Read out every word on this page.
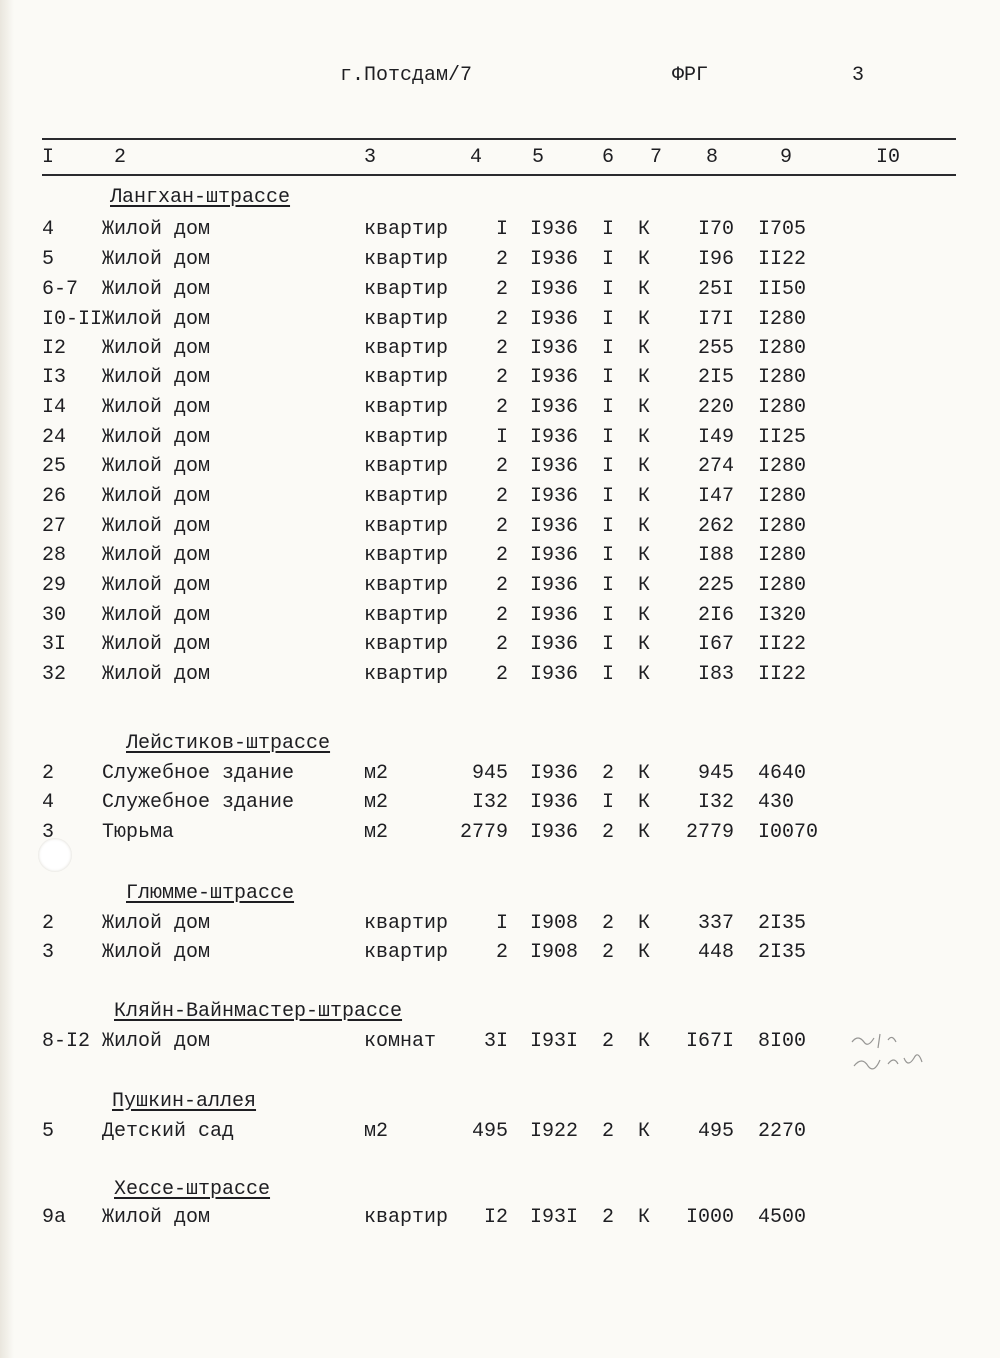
г.Потсдам/7	ФРГ	3
I	2	3	4 5	6 7 8	9	I0
Лангхан-штрассе
4 Жилой дом	квартир I I936 I К I70 I705
5 Жилой дом	квартир 2 I936 I К I96 II22
6-7 Жилой дом	квартир 2 I936 I К 25I II50
I0-II Жилой дом	квартир 2 I936 I К I7I I280
I2 Жилой дом	квартир 2 I936 I К 255 I280
I3 Жилой дом	квартир 2 I936 I К 2I5 I280
I4 Жилой дом	квартир 2 I936 I К 220 I280
24 Жилой дом	квартир I I936 I К I49 II25
25 Жилой дом	квартир 2 I936 I К 274 I280
26 Жилой дом	квартир 2 I936 I К I47 I280
27 Жилой дом	квартир 2 I936 I К 262 I280
28 Жилой дом	квартир 2 I936 I К I88 I280
29 Жилой дом	квартир 2 I936 I К 225 I280
30 Жилой дом	квартир 2 I936 I К 2I6 I320
3I Жилой дом	квартир 2 I936 I К I67 II22
32 Жилой дом	квартир 2 I936 I К I83 II22
Лейстиков-штрассе
2 Служебное здание	м2	945 I936 2 К 945 4640
4 Служебное здание	м2	I32 I936 I К I32 430
3 Тюрьма	м2	2779 I936 2 К 2779 I0070
Глюмме-штрассе
2 Жилой дом	квартир I I908 2 К 337 2I35
3 Жилой дом	квартир 2 I908 2 К 448 2I35
Кляйн-Вайнмастер-штрассе
8-I2 Жилой дом	комнат 3I I93I 2 К I67I 8I00
Пушкин-аллея
5 Детский сад	м2	495 I922 2 К 495 2270
Хессе-штрассе
9а Жилой дом	квартир I2 I93I 2 К I000 4500
